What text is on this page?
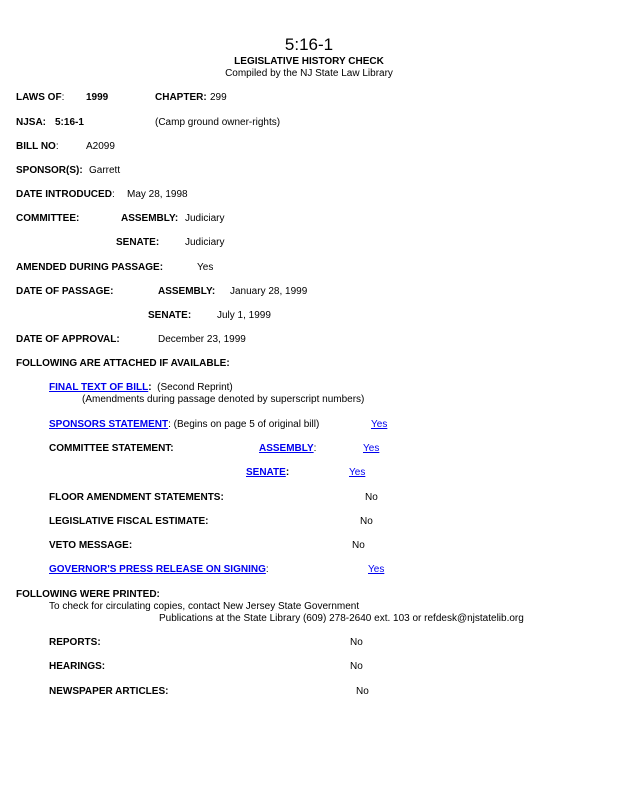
5:16-1
LEGISLATIVE HISTORY CHECK
Compiled by the NJ State Law Library
LAWS OF: 1999	CHAPTER: 299
NJSA: 5:16-1	(Camp ground owner-rights)
BILL NO:	A2099
SPONSOR(S): Garrett
DATE INTRODUCED: May 28, 1998
COMMITTEE:	ASSEMBLY: Judiciary
SENATE:	Judiciary
AMENDED DURING PASSAGE:	Yes
DATE OF PASSAGE:	ASSEMBLY: January 28, 1999
SENATE:	July 1, 1999
DATE OF APPROVAL:	December 23, 1999
FOLLOWING ARE ATTACHED IF AVAILABLE:
FINAL TEXT OF BILL: (Second Reprint)
(Amendments during passage denoted by superscript numbers)
SPONSORS STATEMENT: (Begins on page 5 of original bill)	Yes
COMMITTEE STATEMENT:	ASSEMBLY:	Yes
SENATE:	Yes
FLOOR AMENDMENT STATEMENTS:	No
LEGISLATIVE FISCAL ESTIMATE:	No
VETO MESSAGE:	No
GOVERNOR'S PRESS RELEASE ON SIGNING:	Yes
FOLLOWING WERE PRINTED:
To check for circulating copies, contact New Jersey State Government
Publications at the State Library (609) 278-2640 ext. 103 or refdesk@njstatelib.org
REPORTS:	No
HEARINGS:	No
NEWSPAPER ARTICLES:	No
